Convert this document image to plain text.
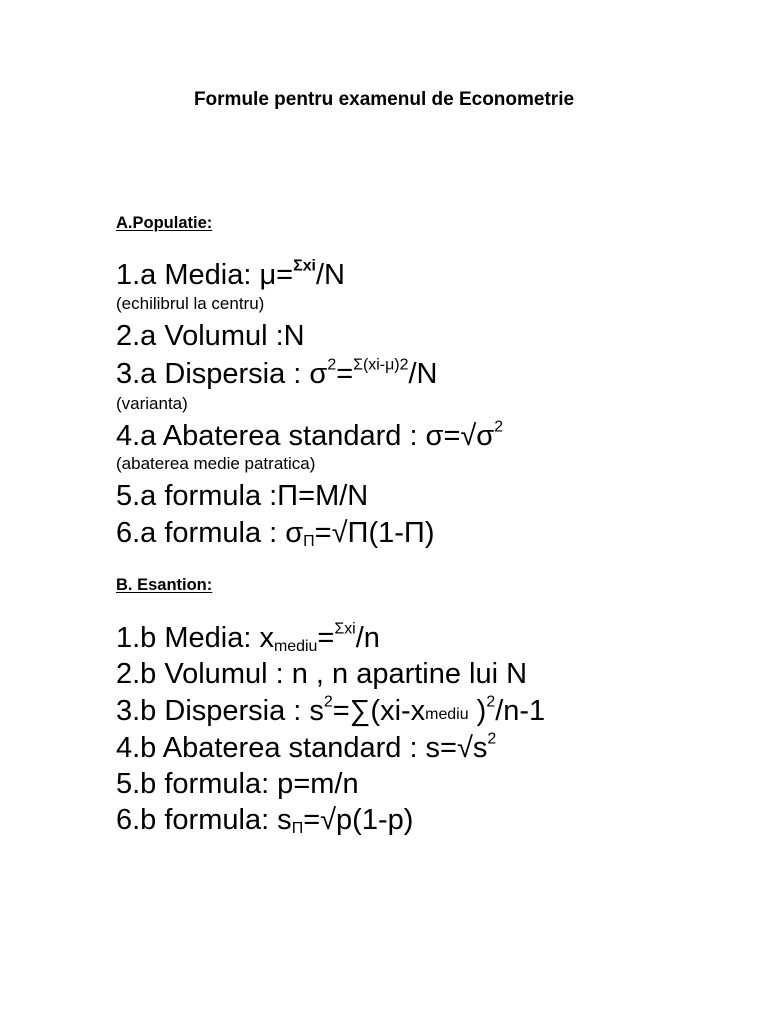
Formule pentru examenul de Econometrie
A.Populatie:
1.a Media: μ=$^{\Sigma xi}$/N
(echilibrul la centru)
2.a Volumul :N
3.a Dispersia : $\sigma^2=^{\Sigma(xi-\mu)2}/N$
(varianta)
4.a Abaterea standard : $\sigma=√\sigma^2$
(abaterea medie patratica)
5.a formula :Π=M/N
6.a formula : $\sigma_\Pi=√\Pi(1-\Pi)$
B. Esantion:
1.b Media: $x_{mediu}=^{\Sigma xi}/n$
2.b Volumul : n , n apartine lui N
3.b Dispersia : $s^2=\sum(xi$-xmediu )$^2$/n-1
4.b Abaterea standard : $s=√s^2$
5.b formula: p=m/n
6.b formula: $s_\Pi=√p(1-p)$
